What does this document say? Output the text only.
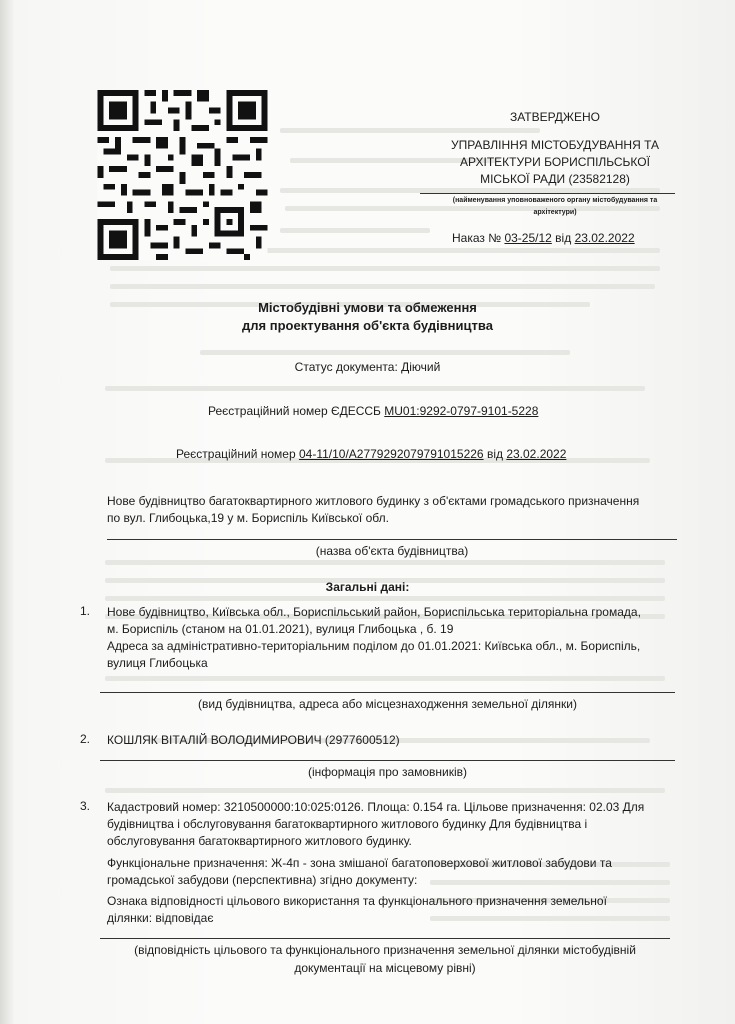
ЗАТВЕРДЖЕНО
УПРАВЛІННЯ МІСТОБУДУВАННЯ ТА
АРХІТЕКТУРИ БОРИСПІЛЬСЬКОЇ
МІСЬКОЇ РАДИ (23582128)
(найменування уповноваженого органу містобудування та
архітектури)
Наказ № 03-25/12 від 23.02.2022
Містобудівні умови та обмеження
для проектування об'єкта будівництва
Статус документа: Діючий
Реєстраційний номер ЄДЕССБ MU01:9292-0797-9101-5228
Реєстраційний номер 04-11/10/А2779292079791015226 від 23.02.2022
Нове будівництво багатоквартирного житлового будинку з об'єктами громадського призначення
по вул. Глибоцька,19 у м. Бориспіль Київської обл.
(назва об'єкта будівництва)
Загальні дані:
1. Нове будівництво, Київська обл., Бориспільський район, Бориспільська територіальна громада,
м. Бориспіль (станом на 01.01.2021), вулиця Глибоцька , б. 19
Адреса за адміністративно-територіальним поділом до 01.01.2021: Київська обл., м. Бориспіль,
вулиця Глибоцька
(вид будівництва, адреса або місцезнаходження земельної ділянки)
2. КОШЛЯК ВІТАЛІЙ ВОЛОДИМИРОВИЧ (2977600512)
(інформація про замовників)
3. Кадастровий номер: 3210500000:10:025:0126. Площа: 0.154 га. Цільове призначення: 02.03 Для
будівництва і обслуговування багатоквартирного житлового будинку Для будівництва і
обслуговування багатоквартирного житлового будинку.
Функціональне призначення: Ж-4п - зона змішаної багатоповерхової житлової забудови та
громадської забудови (перспективна) згідно документу:
Ознака відповідності цільового використання та функціонального призначення земельної
ділянки: відповідає
(відповідність цільового та функціонального призначення земельної ділянки містобудівній
документації на місцевому рівні)
